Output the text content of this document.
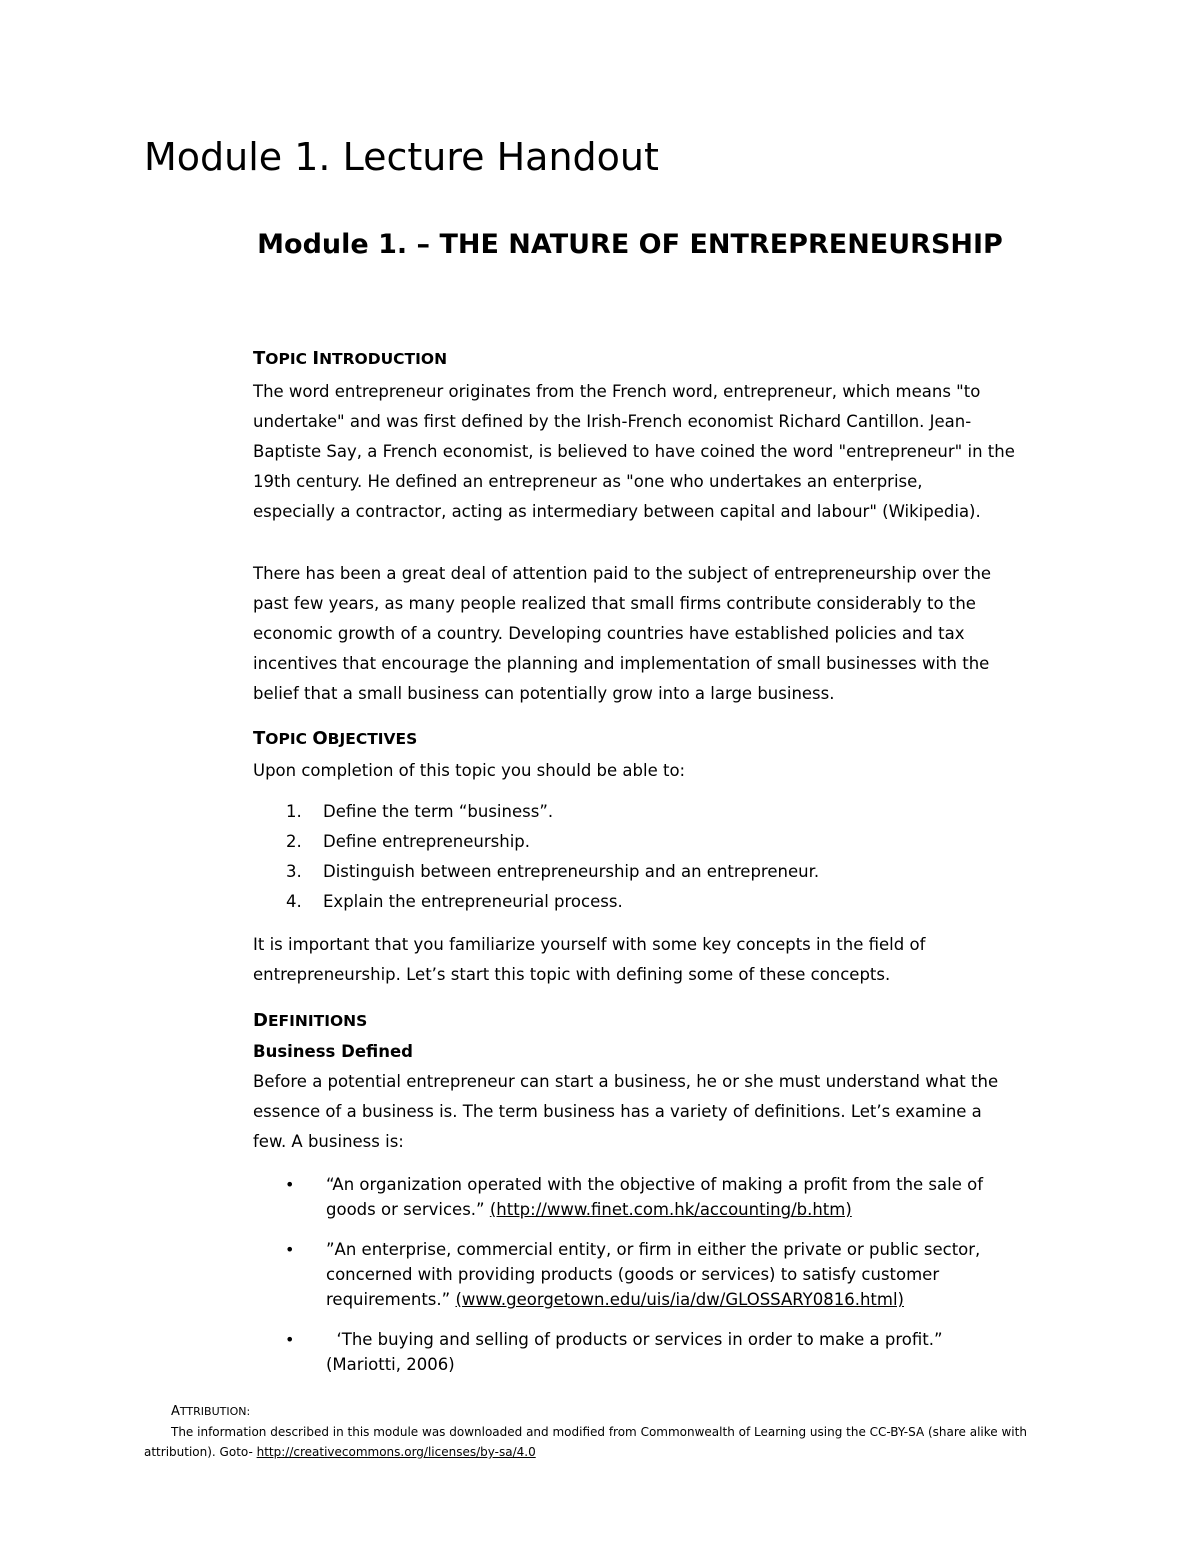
Module 1. Lecture Handout
Module 1. – THE NATURE OF ENTREPRENEURSHIP
TOPIC INTRODUCTION
The word entrepreneur originates from the French word, entrepreneur, which means "to
undertake" and was first defined by the Irish-French economist Richard Cantillon. Jean-
Baptiste Say, a French economist, is believed to have coined the word "entrepreneur" in the
19th century. He defined an entrepreneur as "one who undertakes an enterprise,
especially a contractor, acting as intermediary between capital and labour" (Wikipedia).
There has been a great deal of attention paid to the subject of entrepreneurship over the
past few years, as many people realized that small firms contribute considerably to the
economic growth of a country. Developing countries have established policies and tax
incentives that encourage the planning and implementation of small businesses with the
belief that a small business can potentially grow into a large business.
TOPIC OBJECTIVES
Upon completion of this topic you should be able to:
1. Define the term “business”.
2. Define entrepreneurship.
3. Distinguish between entrepreneurship and an entrepreneur.
4. Explain the entrepreneurial process.
It is important that you familiarize yourself with some key concepts in the field of
entrepreneurship. Let’s start this topic with defining some of these concepts.
DEFINITIONS
Business Defined
Before a potential entrepreneur can start a business, he or she must understand what the
essence of a business is. The term business has a variety of definitions. Let’s examine a
few. A business is:
• “An organization operated with the objective of making a profit from the sale of
goods or services.” (http://www.finet.com.hk/accounting/b.htm)
• ”An enterprise, commercial entity, or firm in either the private or public sector,
concerned with providing products (goods or services) to satisfy customer
requirements.” (www.georgetown.edu/uis/ia/dw/GLOSSARY0816.html)
• ‘The buying and selling of products or services in order to make a profit.”
(Mariotti, 2006)
ATTRIBUTION:
The information described in this module was downloaded and modified from Commonwealth of Learning using the CC-BY-SA (share alike with
attribution). Goto- http://creativecommons.org/licenses/by-sa/4.0
